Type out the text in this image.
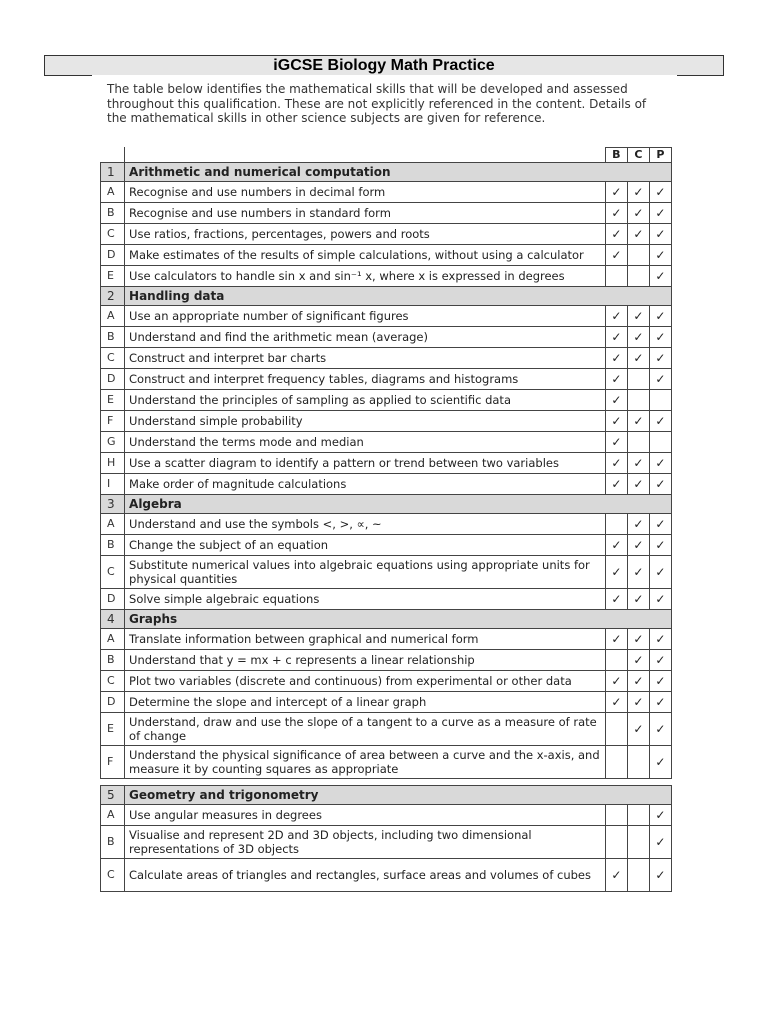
iGCSE Biology Math Practice

The table below identifies the mathematical skills that will be developed and assessed throughout this qualification. These are not explicitly referenced in the content. Details of the mathematical skills in other science subjects are given for reference.

		B	C	P
1	Arithmetic and numerical computation			
A	Recognise and use numbers in decimal form	✓	✓	✓
B	Recognise and use numbers in standard form	✓	✓	✓
C	Use ratios, fractions, percentages, powers and roots	✓	✓	✓
D	Make estimates of the results of simple calculations, without using a calculator	✓		✓
E	Use calculators to handle sin x and sin⁻¹ x, where x is expressed in degrees			✓
2	Handling data			
A	Use an appropriate number of significant figures	✓	✓	✓
B	Understand and find the arithmetic mean (average)	✓	✓	✓
C	Construct and interpret bar charts	✓	✓	✓
D	Construct and interpret frequency tables, diagrams and histograms	✓		✓
E	Understand the principles of sampling as applied to scientific data	✓		
F	Understand simple probability	✓	✓	✓
G	Understand the terms mode and median	✓		
H	Use a scatter diagram to identify a pattern or trend between two variables	✓	✓	✓
I	Make order of magnitude calculations	✓	✓	✓
3	Algebra			
A	Understand and use the symbols <, >, ∝, ~		✓	✓
B	Change the subject of an equation	✓	✓	✓
C	Substitute numerical values into algebraic equations using appropriate units for physical quantities	✓	✓	✓
D	Solve simple algebraic equations	✓	✓	✓
4	Graphs			
A	Translate information between graphical and numerical form	✓	✓	✓
B	Understand that y = mx + c represents a linear relationship		✓	✓
C	Plot two variables (discrete and continuous) from experimental or other data	✓	✓	✓
D	Determine the slope and intercept of a linear graph	✓	✓	✓
E	Understand, draw and use the slope of a tangent to a curve as a measure of rate of change		✓	✓
F	Understand the physical significance of area between a curve and the x-axis, and measure it by counting squares as appropriate			✓

5	Geometry and trigonometry			
A	Use angular measures in degrees			✓
B	Visualise and represent 2D and 3D objects, including two dimensional representations of 3D objects			✓
C	Calculate areas of triangles and rectangles, surface areas and volumes of cubes	✓		✓
